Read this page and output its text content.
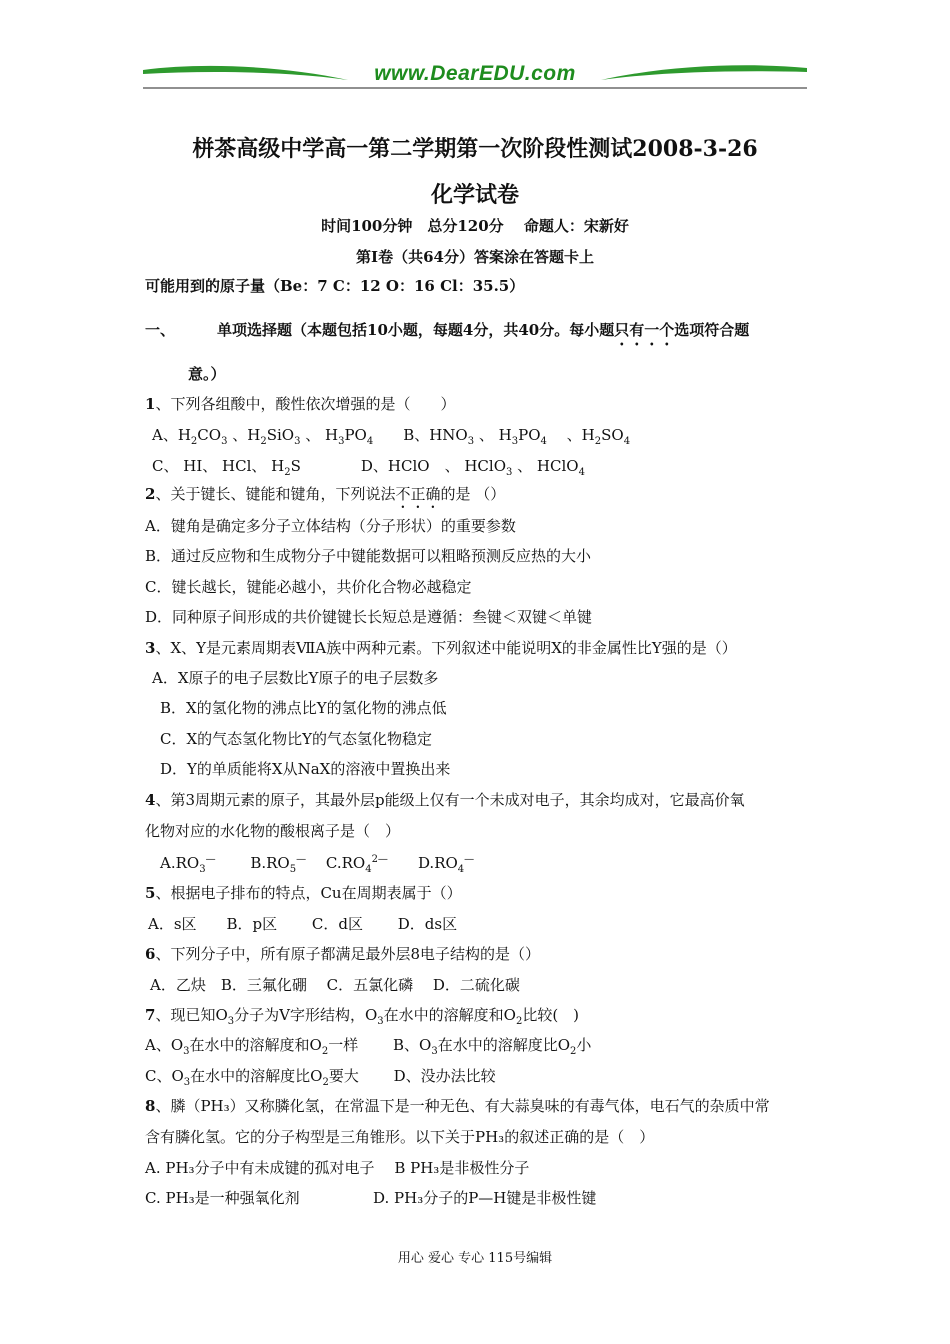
www.DearEDU.com
栟茶高级中学高一第二学期第一次阶段性测试2008-3-26
化学试卷
时间100分钟　总分120分　 命题人：宋新好
第Ⅰ卷（共64分）答案涂在答题卡上
可能用到的原子量（Be：7 C：12 O：16 Cl：35.5）
一、	单项选择题（本题包括10小题，每题4分，共40分。每小题只有一个选项符合题
意。）
1、下列各组酸中，酸性依次增强的是（　　）
A、$H_2CO_3$ 、$H_2SiO_3$ 、 $H_3PO_4$　　B、$HNO_3$ 、 $H_3PO_4$ 　、$H_2SO_4$
C、 HI、 HCl、 $H_2S$　　　　D、HClO　、 HClO$_3$ 、 HClO$_4$
2、关于键长、键能和键角，下列说法不正确的是 （）
A．键角是确定多分子立体结构（分子形状）的重要参数
B．通过反应物和生成物分子中键能数据可以粗略预测反应热的大小
C．键长越长，键能必越小，共价化合物必越稳定
D．同种原子间形成的共价键键长长短总是遵循：叁键＜双键＜单键
3、X、Y是元素周期表ⅦA族中两种元素。下列叙述中能说明X的非金属性比Y强的是（）
A．X原子的电子层数比Y原子的电子层数多
B．X的氢化物的沸点比Y的氢化物的沸点低
C．X的气态氢化物比Y的气态氢化物稳定
D．Y的单质能将X从NaX的溶液中置换出来
4、第3周期元素的原子，其最外层p能级上仅有一个未成对电子，其余均成对，它最高价氧
化物对应的水化物的酸根离子是（　）
$A.RO_3^—$　　 $B.RO_5^—$　 $C.RO_4^{2—}$　　$D.RO_4^—$
5、根据电子排布的特点，Cu在周期表属于（）
A．s区　　B．p区　　 C．d区　　 D．ds区
6、下列分子中，所有原子都满足最外层8电子结构的是（）
A．乙炔　B．三氟化硼　 C．五氯化磷　 D．二硫化碳
7、现已知$O_3$分子为V字形结构，$O_3$在水中的溶解度和$O_2$比较(　)
A、$O_3$在水中的溶解度和$O_2$一样　　 B、$O_3$在水中的溶解度比$O_2$小
C、$O_3$在水中的溶解度比$O_2$要大　　 D、没办法比较
8、膦（PH₃）又称膦化氢，在常温下是一种无色、有大蒜臭味的有毒气体，电石气的杂质中常
含有膦化氢。它的分子构型是三角锥形。以下关于PH₃的叙述正确的是（　）
A. PH₃分子中有未成键的孤对电子　 B PH₃是非极性分子
C. PH₃是一种强氧化剂	D. PH₃分子的P—H键是非极性键
用心 爱心 专心 115号编辑
